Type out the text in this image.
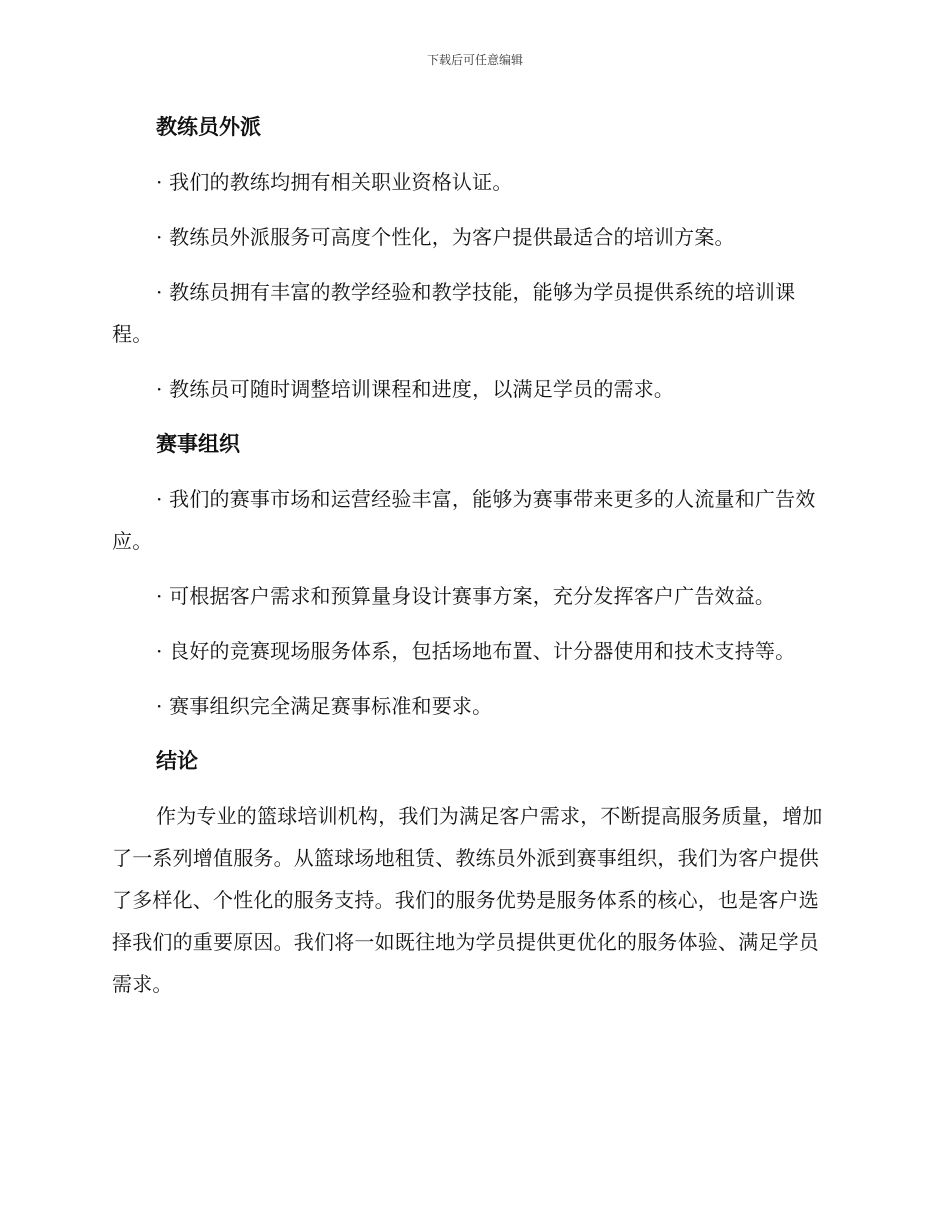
下载后可任意编辑
教练员外派

· 我们的教练均拥有相关职业资格认证。

· 教练员外派服务可高度个性化，为客户提供最适合的培训方案。

· 教练员拥有丰富的教学经验和教学技能，能够为学员提供系统的培训课程。

· 教练员可随时调整培训课程和进度，以满足学员的需求。

赛事组织

· 我们的赛事市场和运营经验丰富，能够为赛事带来更多的人流量和广告效应。

· 可根据客户需求和预算量身设计赛事方案，充分发挥客户广告效益。

· 良好的竞赛现场服务体系，包括场地布置、计分器使用和技术支持等。

· 赛事组织完全满足赛事标准和要求。

结论

作为专业的篮球培训机构，我们为满足客户需求，不断提高服务质量，增加了一系列增值服务。从篮球场地租赁、教练员外派到赛事组织，我们为客户提供了多样化、个性化的服务支持。我们的服务优势是服务体系的核心，也是客户选择我们的重要原因。我们将一如既往地为学员提供更优化的服务体验、满足学员需求。
